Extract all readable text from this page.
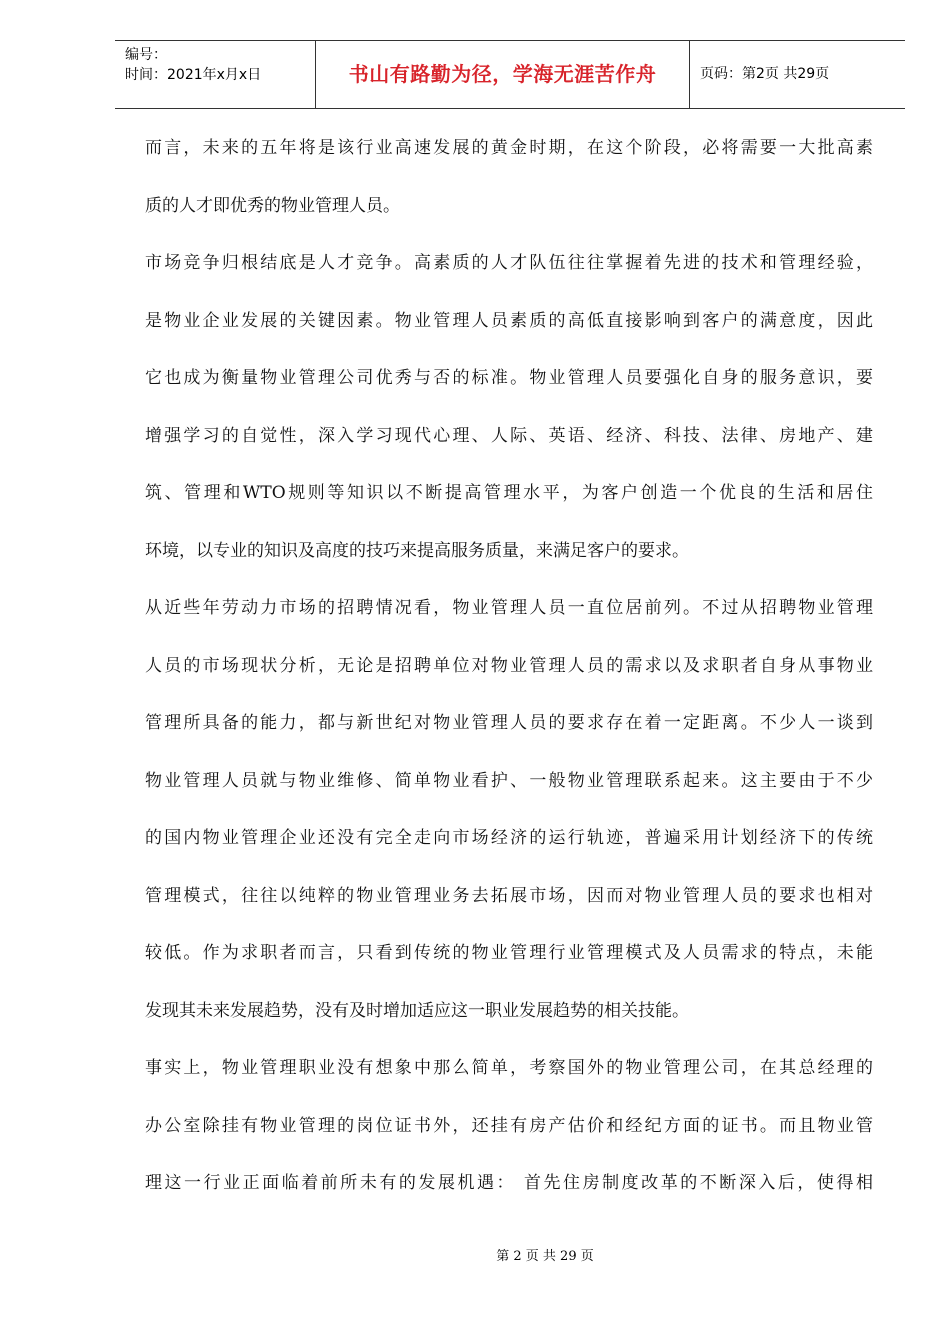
编号：
时间：2021年x月x日	书山有路勤为径，学海无涯苦作舟	页码：第2页 共29页
而言，未来的五年将是该行业高速发展的黄金时期，在这个阶段，必将需要一大批高素
质的人才即优秀的物业管理人员。
市场竞争归根结底是人才竞争。高素质的人才队伍往往掌握着先进的技术和管理经验，
是物业企业发展的关键因素。物业管理人员素质的高低直接影响到客户的满意度，因此
它也成为衡量物业管理公司优秀与否的标准。物业管理人员要强化自身的服务意识，要
增强学习的自觉性，深入学习现代心理、人际、英语、经济、科技、法律、房地产、建
筑、管理和WTO规则等知识以不断提高管理水平，为客户创造一个优良的生活和居住
环境，以专业的知识及高度的技巧来提高服务质量，来满足客户的要求。
从近些年劳动力市场的招聘情况看，物业管理人员一直位居前列。不过从招聘物业管理
人员的市场现状分析，无论是招聘单位对物业管理人员的需求以及求职者自身从事物业
管理所具备的能力，都与新世纪对物业管理人员的要求存在着一定距离。不少人一谈到
物业管理人员就与物业维修、简单物业看护、一般物业管理联系起来。这主要由于不少
的国内物业管理企业还没有完全走向市场经济的运行轨迹，普遍采用计划经济下的传统
管理模式，往往以纯粹的物业管理业务去拓展市场，因而对物业管理人员的要求也相对
较低。作为求职者而言，只看到传统的物业管理行业管理模式及人员需求的特点，未能
发现其未来发展趋势，没有及时增加适应这一职业发展趋势的相关技能。
事实上，物业管理职业没有想象中那么简单，考察国外的物业管理公司，在其总经理的
办公室除挂有物业管理的岗位证书外，还挂有房产估价和经纪方面的证书。而且物业管
理这一行业正面临着前所未有的发展机遇： 首先住房制度改革的不断深入后，使得相
第 2 页 共 29 页
